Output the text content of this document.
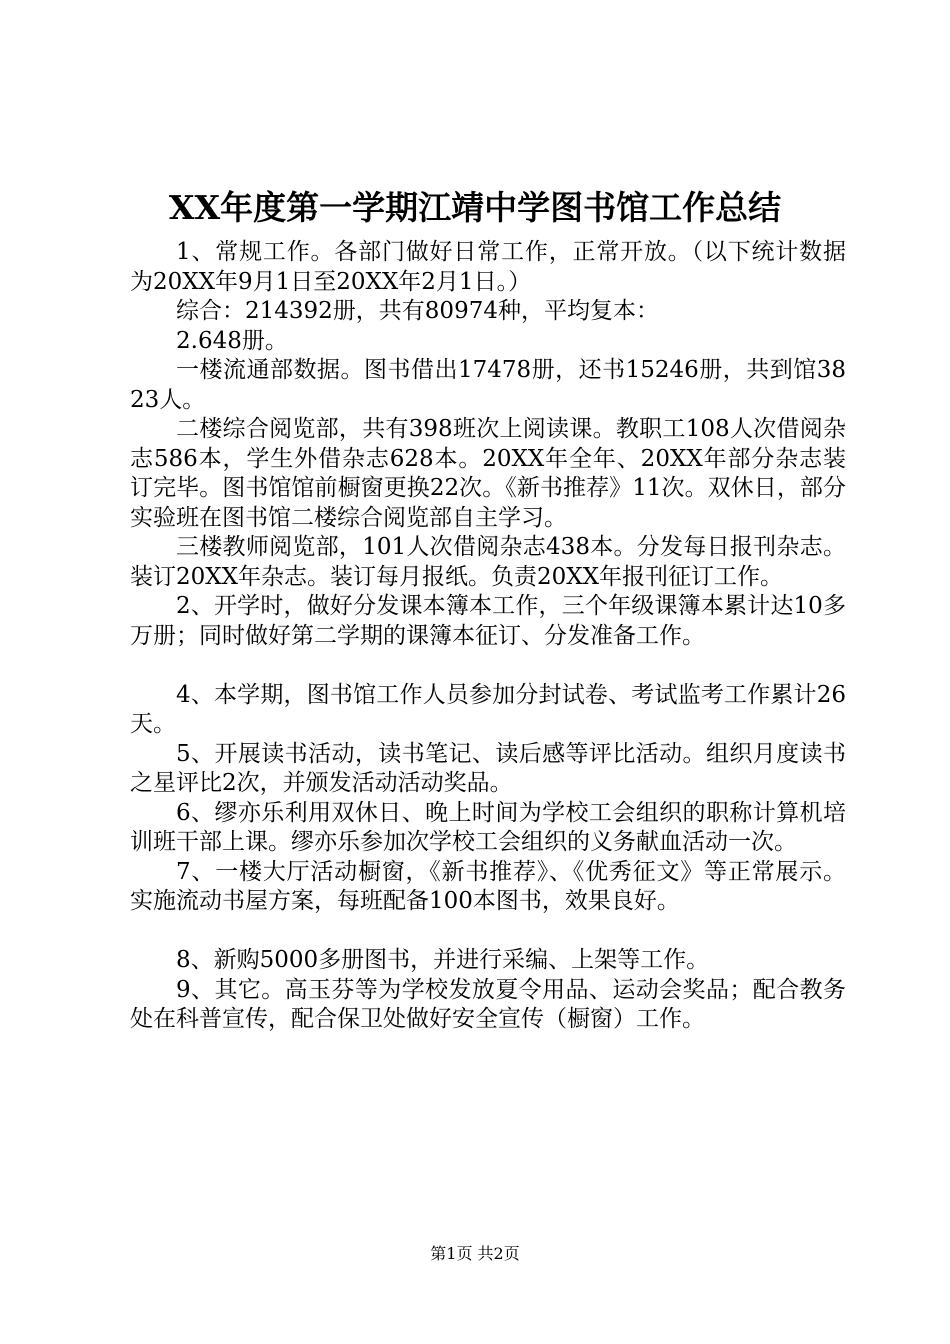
XX年度第一学期江靖中学图书馆工作总结

1、常规工作。各部门做好日常工作，正常开放。（以下统计数据为20XX年9月1日至20XX年2月1日。）

综合：214392册，共有80974种，平均复本：

2.648册。

一楼流通部数据。图书借出17478册，还书15246册，共到馆3823人。

二楼综合阅览部，共有398班次上阅读课。教职工108人次借阅杂志586本，学生外借杂志628本。20XX年全年、20XX年部分杂志装订完毕。图书馆馆前橱窗更换22次。《新书推荐》11次。双休日，部分实验班在图书馆二楼综合阅览部自主学习。

三楼教师阅览部，101人次借阅杂志438本。分发每日报刊杂志。装订20XX年杂志。装订每月报纸。负责20XX年报刊征订工作。

2、开学时，做好分发课本簿本工作，三个年级课簿本累计达10多万册；同时做好第二学期的课簿本征订、分发准备工作。

4、本学期，图书馆工作人员参加分封试卷、考试监考工作累计26天。

5、开展读书活动，读书笔记、读后感等评比活动。组织月度读书之星评比2次，并颁发活动活动奖品。

6、缪亦乐利用双休日、晚上时间为学校工会组织的职称计算机培训班干部上课。缪亦乐参加次学校工会组织的义务献血活动一次。

7、一楼大厅活动橱窗，《新书推荐》、《优秀征文》等正常展示。实施流动书屋方案，每班配备100本图书，效果良好。

8、新购5000多册图书，并进行采编、上架等工作。

9、其它。高玉芬等为学校发放夏令用品、运动会奖品；配合教务处在科普宣传，配合保卫处做好安全宣传（橱窗）工作。

第1页 共2页
